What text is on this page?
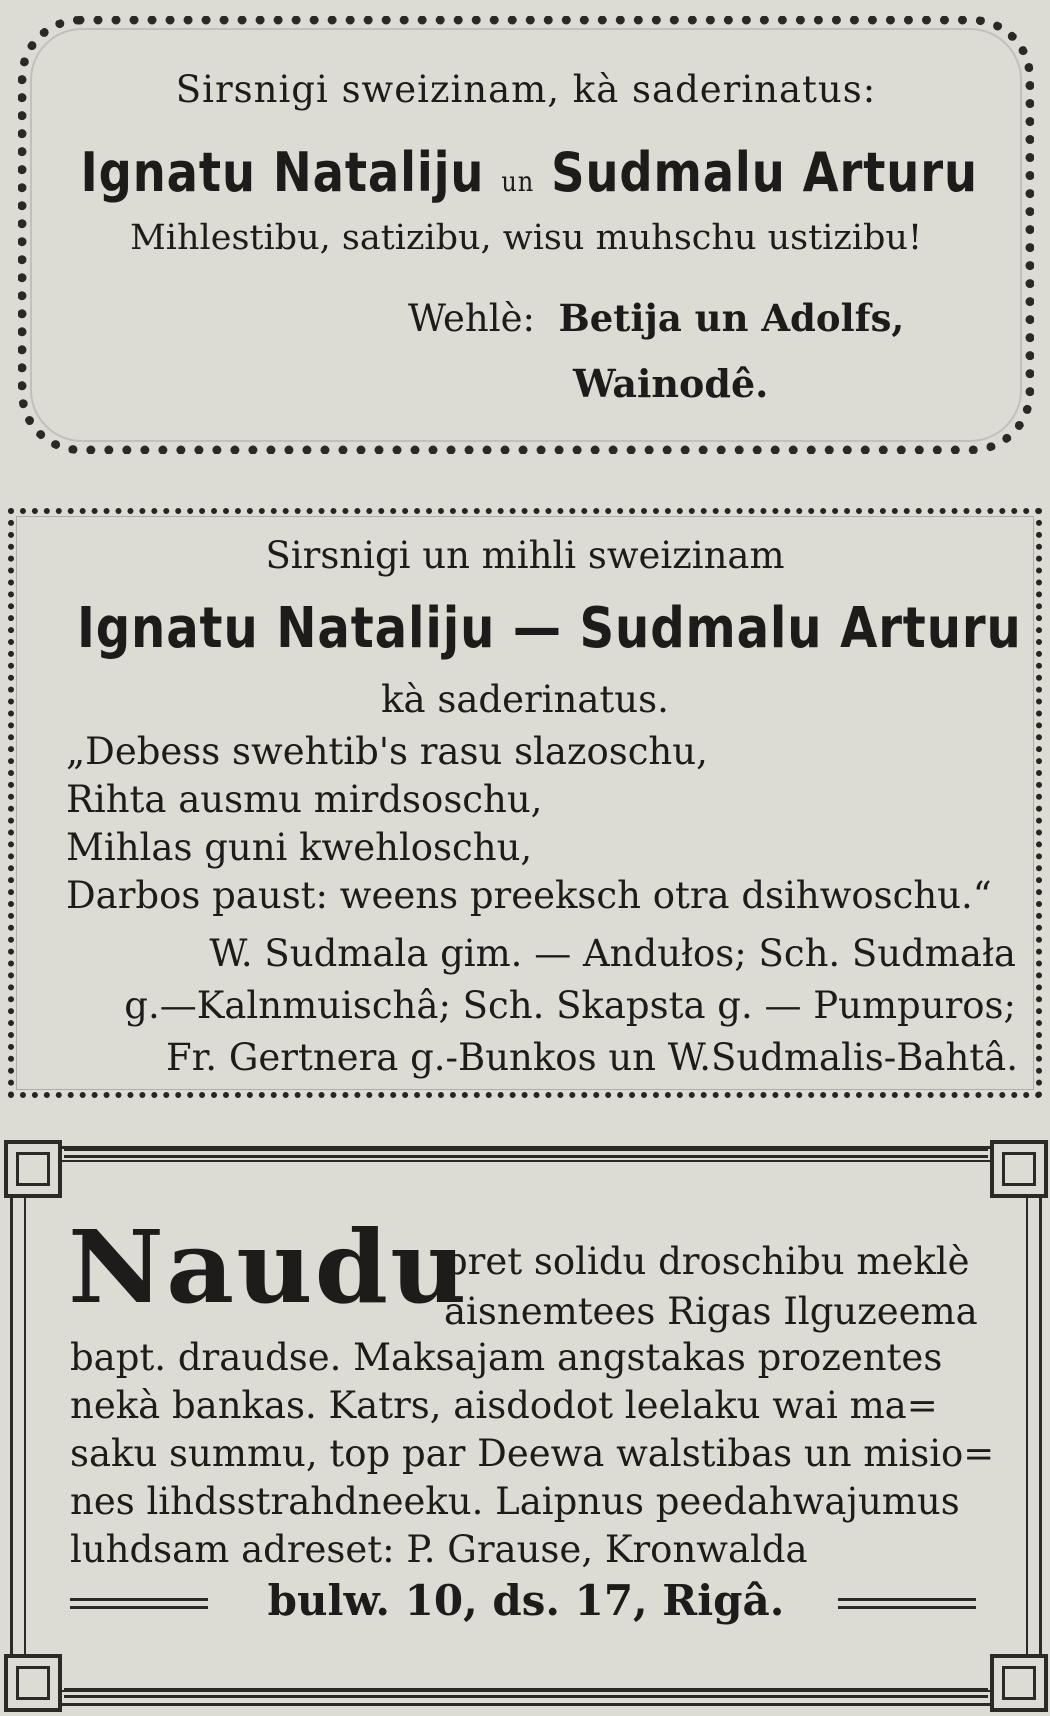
Sirsnigi sweizinam, kà saderinatus:
Ignatu Nataliju un Sudmalu Arturu
Mihlestibu, satizibu, wisu muhschu ustizibu!
Wehlè: Betija un Adolfs,
Wainodê.
Sirsnigi un mihli sweizinam
Ignatu Nataliju — Sudmalu Arturu
kà saderinatus.
„Debess swehtib's rasu slazoschu,
Rihta ausmu mirdsoschu,
Mihlas guni kwehloschu,
Darbos paust: weens preeksch otra dsihwoschu.“
W. Sudmala gim. — Andułos; Sch. Sudmała
g.—Kalnmuischâ; Sch. Skapsta g. — Pumpuros;
Fr. Gertnera g.-Bunkos un W.Sudmalis-Bahtâ.
Naudu
pret solidu droschibu meklè
aisnemtees Rigas Ilguzeema
bapt. draudse. Maksajam angstakas prozentes
nekà bankas. Katrs, aisdodot leelaku wai ma=
saku summu, top par Deewa walstibas un misio=
nes lihdsstrahdneeku. Laipnus peedahwajumus
luhdsam adreset: P. Grause, Kronwalda
bulw. 10, ds. 17, Rigâ.
